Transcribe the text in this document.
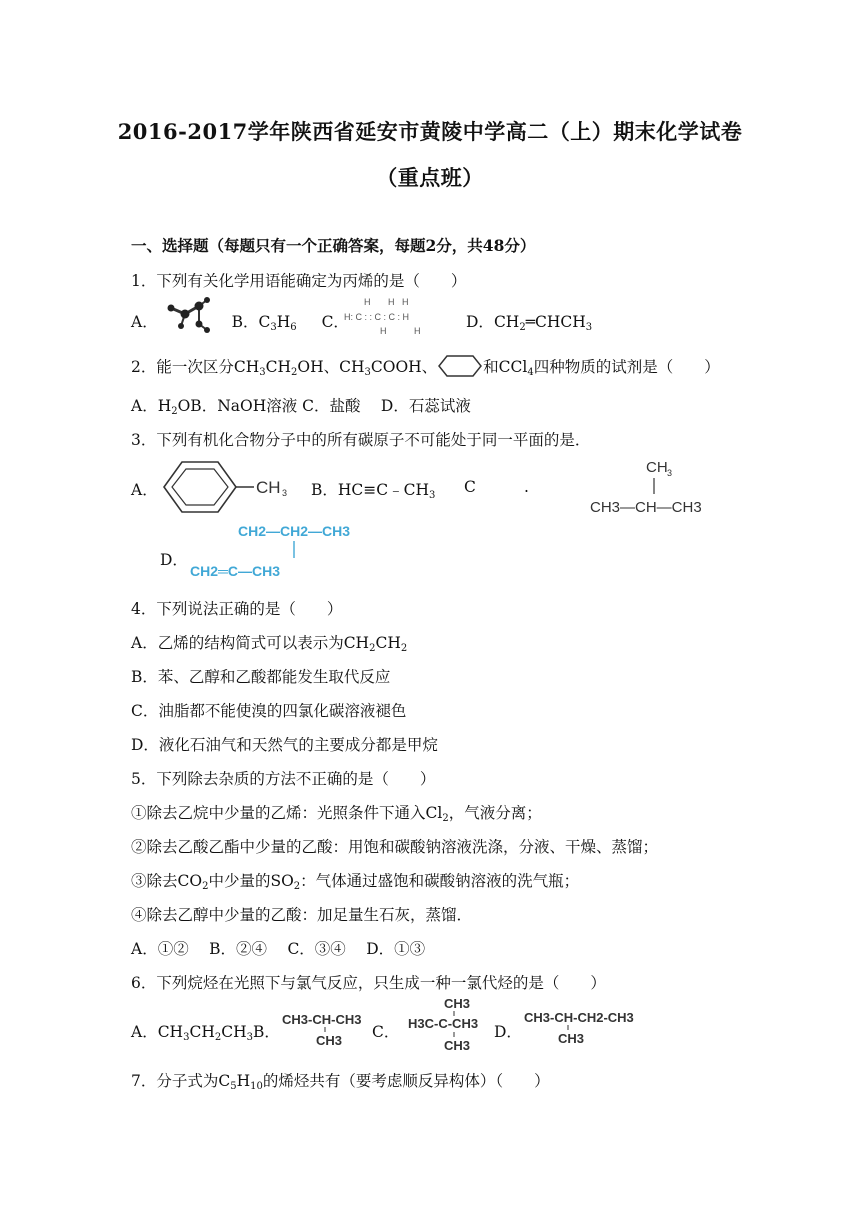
2016-2017学年陕西省延安市黄陵中学高二（上）期末化学试卷
（重点班）
一、选择题（每题只有一个正确答案，每题2分，共48分）
1．下列有关化学用语能确定为丙烯的是（　　）
A．	B．$C_3H_6$ C．
H H H
H: C : : C : C : H
H	H	D．$CH_2═CHCH_3$
2．能一次区分$CH_3CH_2OH$、$CH_3COOH$、	和CCl$_4$四种物质的试剂是（　　）
A．$H_2OB$．NaOH溶液 C．盐酸　 D．石蕊试液
3．下列有机化合物分子中的所有碳原子不可能处于同一平面的是．
A．	CH 3 B．$HC\equiv C﹣CH_3$ C	.
CH 3
CH3—CH—CH3
D．
CH2—CH2—CH3
CH2═C—CH3
4．下列说法正确的是（　　）
A．乙烯的结构简式可以表示为$CH_2CH_2$
B．苯、乙醇和乙酸都能发生取代反应
C．油脂都不能使溴的四氯化碳溶液褪色
D．液化石油气和天然气的主要成分都是甲烷
5．下列除去杂质的方法不正确的是（　　）
①除去乙烷中少量的乙烯：光照条件下通入$Cl_2$，气液分离；
②除去乙酸乙酯中少量的乙酸：用饱和碳酸钠溶液洗涤，分液、干燥、蒸馏；
③除去$CO_2$中少量的$SO_2$：气体通过盛饱和碳酸钠溶液的洗气瓶；
④除去乙醇中少量的乙酸：加足量生石灰，蒸馏．
A．①②　 B．②④　 C．③④　 D．①③
6．下列烷烃在光照下与氯气反应，只生成一种一氯代烃的是（　　）
A．$CH_3CH_2CH_3B$．
CH3-CH-CH3
CH3 C．
CH3
H3C-C-CH3
CH3
D．
CH3-CH-CH2-CH3
CH3
7．分子式为$C_5H_{10}$的烯烃共有（要考虑顺反异构体）（　　）
